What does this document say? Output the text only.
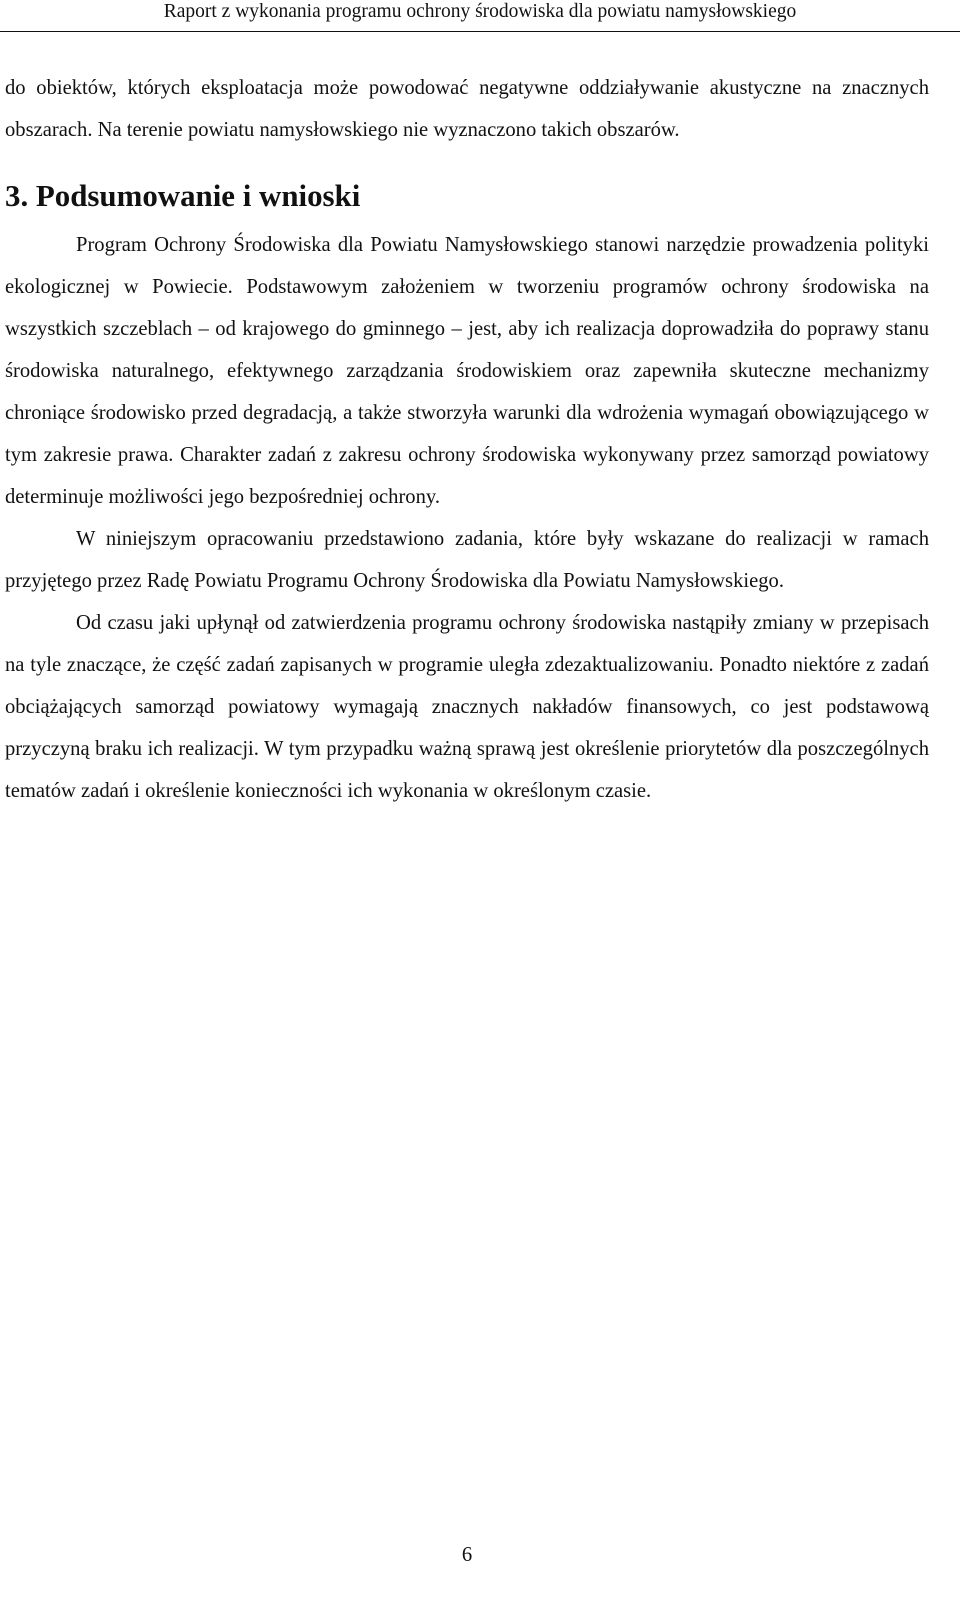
Raport z wykonania programu ochrony środowiska dla powiatu namysłowskiego

do obiektów, których eksploatacja może powodować negatywne oddziaływanie akustyczne na znacznych obszarach. Na terenie powiatu namysłowskiego nie wyznaczono takich obszarów.

3. Podsumowanie i wnioski

Program Ochrony Środowiska dla Powiatu Namysłowskiego stanowi narzędzie prowadzenia polityki ekologicznej w Powiecie. Podstawowym założeniem w tworzeniu programów ochrony środowiska na wszystkich szczeblach – od krajowego do gminnego – jest, aby ich realizacja doprowadziła do poprawy stanu środowiska naturalnego, efektywnego zarządzania środowiskiem oraz zapewniła skuteczne mechanizmy chroniące środowisko przed degradacją, a także stworzyła warunki dla wdrożenia wymagań obowiązującego w tym zakresie prawa. Charakter zadań z zakresu ochrony środowiska wykonywany przez samorząd powiatowy determinuje możliwości jego bezpośredniej ochrony.

W niniejszym opracowaniu przedstawiono zadania, które były wskazane do realizacji w ramach przyjętego przez Radę Powiatu Programu Ochrony Środowiska dla Powiatu Namysłowskiego.

Od czasu jaki upłynął od zatwierdzenia programu ochrony środowiska nastąpiły zmiany w przepisach na tyle znaczące, że część zadań zapisanych w programie uległa zdezaktualizowaniu. Ponadto niektóre z zadań obciążających samorząd powiatowy wymagają znacznych nakładów finansowych, co jest podstawową przyczyną braku ich realizacji. W tym przypadku ważną sprawą jest określenie priorytetów dla poszczególnych tematów zadań i określenie konieczności ich wykonania w określonym czasie.

6
